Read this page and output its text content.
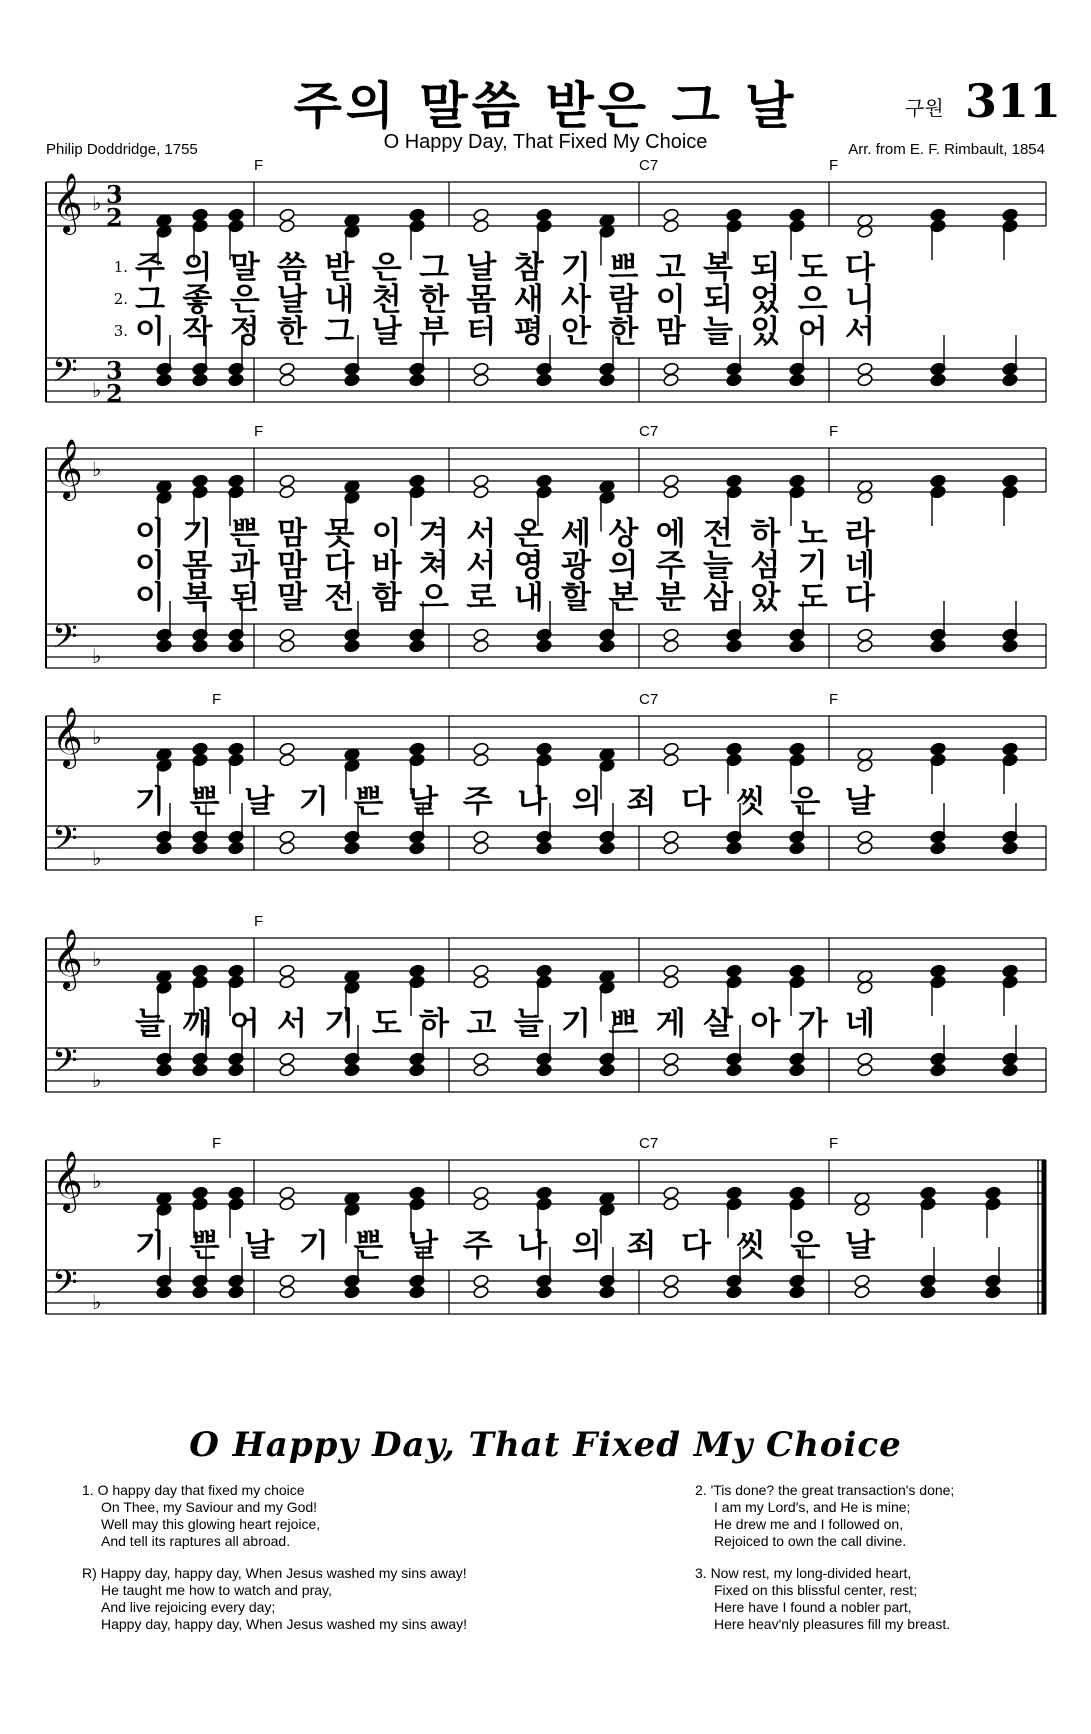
주의 말씀 받은 그 날	구원 311
O Happy Day, That Fixed My Choice
Philip Doddridge, 1755	Arr. from E. F. Rimbault, 1854
𝄞
𝄢
♭
♭
3
2
3
2
F	C7	F
1. 주 의 말 씀 받 은 그 날 참 기 쁘 고 복 되 도 다
2. 그 좋 은 날 내 천 한 몸 새 사 람 이 되 었 으 니
3. 이 작 정 한 그 날 부 터 평 안 한 맘 늘 있 어 서
𝄞
𝄢
♭
♭
F	C7	F
이 기 쁜 맘 못 이 겨 서 온 세 상 에 전 하 노 라
이 몸 과 맘 다 바 쳐 서 영 광 의 주 늘 섬 기 네
이 복 된 말 전 함 으 로 내 할 본 분 삼 았 도 다
𝄞
𝄢
♭
♭
F	C7	F
기 쁜 날 기 쁜 날 주 나 의 죄 다 씻 은 날
𝄞
𝄢
♭
♭
F
늘 깨 어 서 기 도 하 고 늘 기 쁘 게 살 아 가 네
𝄞
𝄢
♭
♭
F	C7	F
기 쁜 날 기 쁜 날 주 나 의 죄 다 씻 은 날
O Happy Day, That Fixed My Choice
1. O happy day that fixed my choice
On Thee, my Saviour and my God!
Well may this glowing heart rejoice,
And tell its raptures all abroad.
R) Happy day, happy day, When Jesus washed my sins away!
He taught me how to watch and pray,
And live rejoicing every day;
Happy day, happy day, When Jesus washed my sins away!
2. 'Tis done? the great transaction's done;
I am my Lord's, and He is mine;
He drew me and I followed on,
Rejoiced to own the call divine.
3. Now rest, my long-divided heart,
Fixed on this blissful center, rest;
Here have I found a nobler part,
Here heav'nly pleasures fill my breast.
